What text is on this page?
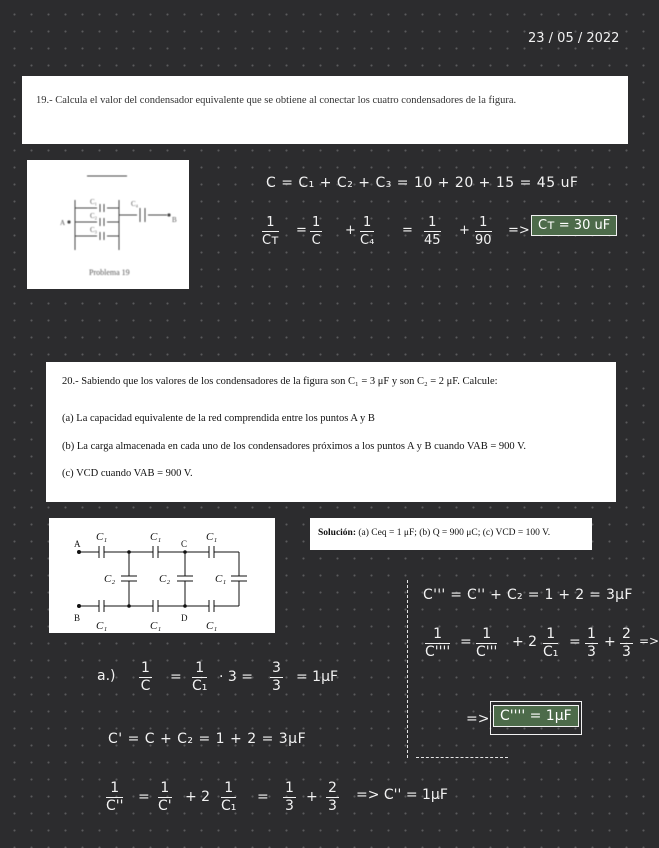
23 / 05 / 2022
19.- Calcula el valor del condensador equivalente que se obtiene al conectar los cuatro condensadores de la figura.
C₁
C₂
C₃
C₄
A	B
Problema 19
C = C₁ + C₂ + C₃ = 10 + 20 + 15 = 45 uF
1
Cт
= $\frac{1}{C} + \frac{1}{\text{C₄}} = \frac{1}{45} + \frac{1}{90}$ => Cт = 30 uF
20.- Sabiendo que los valores de los condensadores de la figura son C₁ = 3 μF y son C₂ = 2 μF. Calcule:
(a) La capacidad equivalente de la red comprendida entre los puntos A y B
(b) La carga almacenada en cada uno de los condensadores próximos a los puntos A y B cuando VAB = 900 V.
(c) VCD cuando VAB = 900 V.
C₁	C₁	C₁
C₁	C₁	C₁
C₂	C₂	C₁
A
B
C
D
Solución: (a) Ceq = 1 μF; (b) Q = 900 μC; (c) VCD = 100 V.
$a.) \frac{1}{C} = \frac{1}{\text{C₁}} \cdot 3 = \frac{3}{3} = 1\mu F$
C' = C + C₂ = 1 + 2 = 3μF
$\frac{1}{C''} = \frac{1}{C'} + 2 \frac{1}{\text{C₁}} = \frac{1}{3} + \frac{2}{3} => C'' = 1\mu F$
C''' = C'' + C₂ = 1 + 2 = 3μF
$\frac{1}{C''''} = \frac{1}{C'''} + 2 \frac{1}{\text{C₁}} = \frac{1}{3} + \frac{2}{3}$ =>
=> C'''' = 1μF
